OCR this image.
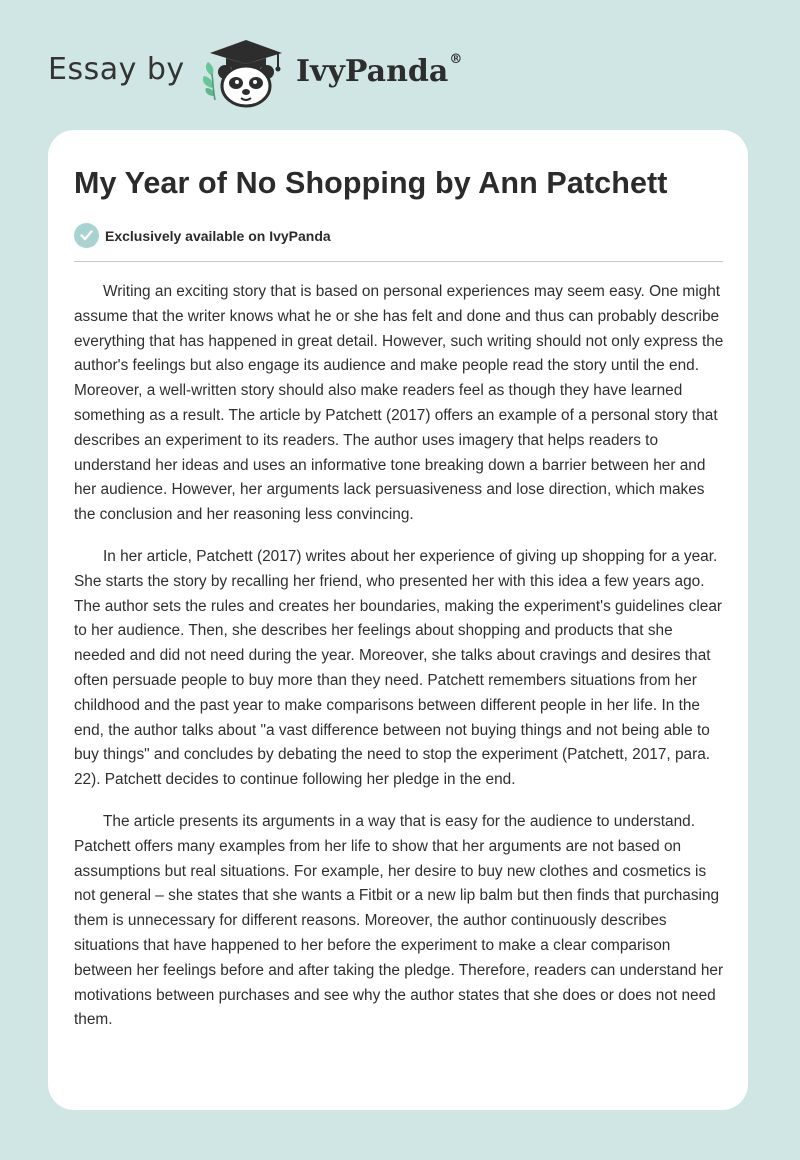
Essay by	IvyPanda®
My Year of No Shopping by Ann Patchett
Exclusively available on IvyPanda

Writing an exciting story that is based on personal experiences may seem easy. One might assume that the writer knows what he or she has felt and done and thus can probably describe everything that has happened in great detail. However, such writing should not only express the author's feelings but also engage its audience and make people read the story until the end. Moreover, a well-written story should also make readers feel as though they have learned something as a result. The article by Patchett (2017) offers an example of a personal story that describes an experiment to its readers. The author uses imagery that helps readers to understand her ideas and uses an informative tone breaking down a barrier between her and her audience. However, her arguments lack persuasiveness and lose direction, which makes the conclusion and her reasoning less convincing.

In her article, Patchett (2017) writes about her experience of giving up shopping for a year. She starts the story by recalling her friend, who presented her with this idea a few years ago. The author sets the rules and creates her boundaries, making the experiment's guidelines clear to her audience. Then, she describes her feelings about shopping and products that she needed and did not need during the year. Moreover, she talks about cravings and desires that often persuade people to buy more than they need. Patchett remembers situations from her childhood and the past year to make comparisons between different people in her life. In the end, the author talks about "a vast difference between not buying things and not being able to buy things" and concludes by debating the need to stop the experiment (Patchett, 2017, para. 22). Patchett decides to continue following her pledge in the end.

The article presents its arguments in a way that is easy for the audience to understand. Patchett offers many examples from her life to show that her arguments are not based on assumptions but real situations. For example, her desire to buy new clothes and cosmetics is not general – she states that she wants a Fitbit or a new lip balm but then finds that purchasing them is unnecessary for different reasons. Moreover, the author continuously describes situations that have happened to her before the experiment to make a clear comparison between her feelings before and after taking the pledge. Therefore, readers can understand her motivations between purchases and see why the author states that she does or does not need them.
